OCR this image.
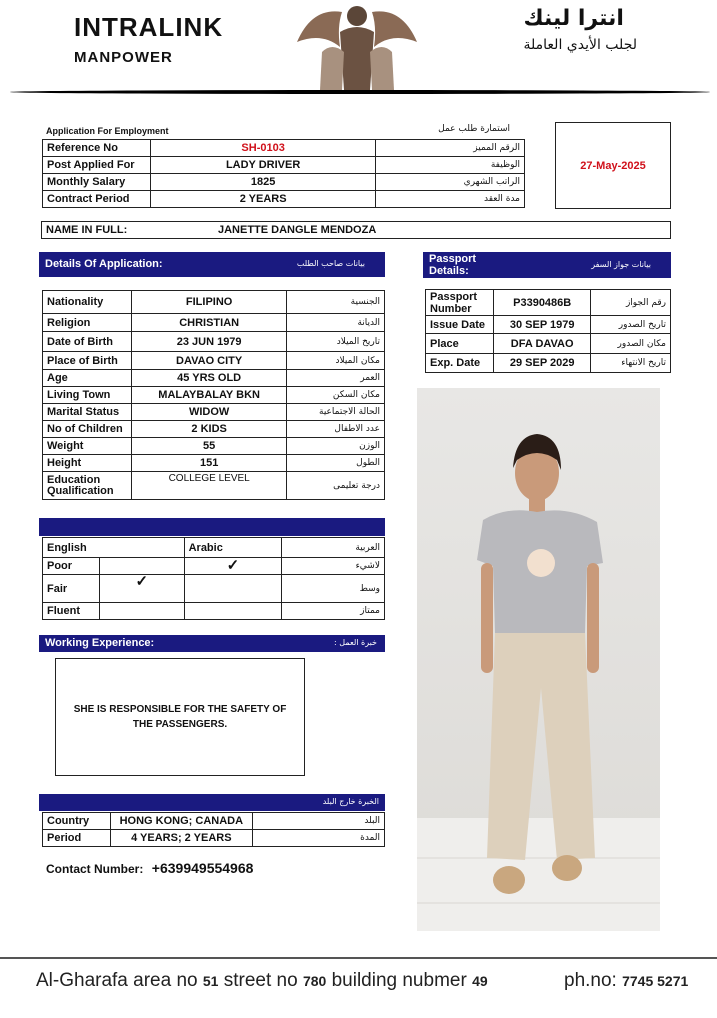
INTRALINK
MANPOWER
انترا لينك
لجلب الأيدي العاملة
Application For Employment	استمارة طلب عمل
Reference No	SH-0103	الرقم المميز
Post Applied For	LADY DRIVER	الوظيفة
Monthly Salary	1825	الراتب الشهري
Contract Period	2 YEARS	مدة العقد
27-May-2025
NAME IN FULL:	JANETTE DANGLE MENDOZA
Details Of Application:	بيانات صاحب الطلب	Passport Details:
بيانات جواز السفر
Nationality	FILIPINO	الجنسية
Religion	CHRISTIAN	الديانة
Date of Birth	23 JUN 1979	تاريخ الميلاد
Place of Birth	DAVAO CITY	مكان الميلاد
Age	45 YRS OLD	العمر
Living Town	MALAYBALAY BKN	مكان السكن
Marital Status	WIDOW	الحالة الاجتماعية
No of Children	2 KIDS	عدد الاطفال
Weight	55	الوزن
Height	151	الطول
Education Qualification	COLLEGE LEVEL	درجة تعليمى
Passport Number	P3390486B	رقم الجواز
Issue Date	30 SEP 1979	تاريخ الصدور
Place	DFA DAVAO	مكان الصدور
Exp. Date	29 SEP 2029	تاريخ الانتهاء
English		Arabic	العربية
Poor		✓	لاشيء
Fair	✓		وسط
Fluent			ممتاز
Working Experience:	خبرة العمل :
SHE IS RESPONSIBLE FOR THE SAFETY OF THE PASSENGERS.
الخبرة خارج البلد
Country	HONG KONG; CANADA	البلد
Period	4 YEARS; 2 YEARS	المدة
Contact Number: +639949554968
Al-Gharafa area no 51 street no 780 building nubmer 49	ph.no: 7745 5271
